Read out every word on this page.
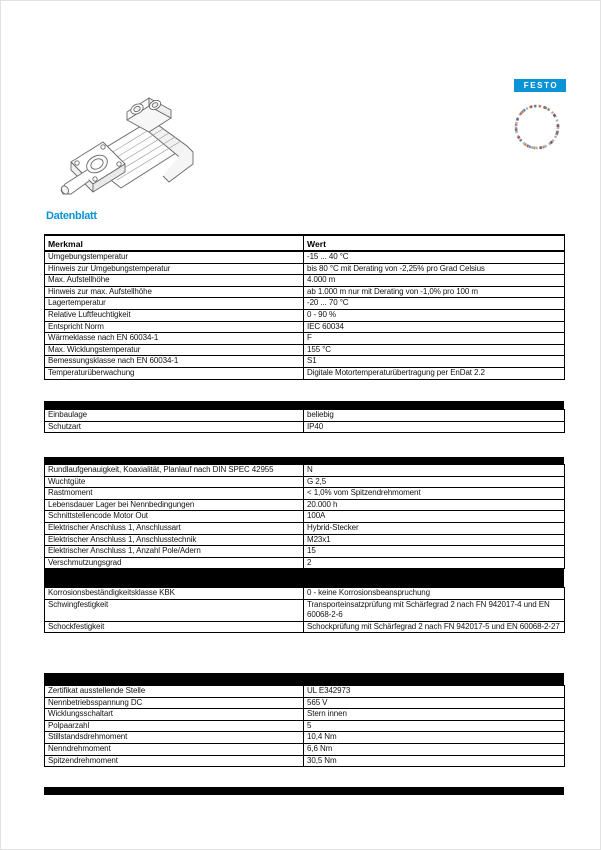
Datenblatt
FESTO
Merkmal	Wert
Umgebungstemperatur	-15 ... 40 °C
Hinweis zur Umgebungstemperatur	bis 80 °C mit Derating von -2,25% pro Grad Celsius
Max. Aufstellhöhe	4.000 m
Hinweis zur max. Aufstellhöhe	ab 1.000 m nur mit Derating von -1,0% pro 100 m
Lagertemperatur	-20 ... 70 °C
Relative Luftfeuchtigkeit	0 - 90 %
Entspricht Norm	IEC 60034
Wärmeklasse nach EN 60034-1	F
Max. Wicklungstemperatur	155 °C
Bemessungsklasse nach EN 60034-1	S1
Temperaturüberwachung	Digitale Motortemperaturübertragung per EnDat 2.2
Einbaulage	beliebig
Schutzart	IP40
Rundlaufgenauigkeit, Koaxialität, Planlauf nach DIN SPEC 42955	N
Wuchtgüte	G 2,5
Rastmoment	< 1,0% vom Spitzendrehmoment
Lebensdauer Lager bei Nennbedingungen	20.000 h
Schnittstellencode Motor Out	100A
Elektrischer Anschluss 1, Anschlussart	Hybrid-Stecker
Elektrischer Anschluss 1, Anschlusstechnik	M23x1
Elektrischer Anschluss 1, Anzahl Pole/Adern	15
Verschmutzungsgrad	2
Korrosionsbeständigkeitsklasse KBK	0 - keine Korrosionsbeanspruchung
Schwingfestigkeit	Transporteinsatzprüfung mit Schärfegrad 2 nach FN 942017-4 und EN 60068-2-6
Schockfestigkeit	Schockprüfung mit Schärfegrad 2 nach FN 942017-5 und EN 60068-2-27
Zertifikat ausstellende Stelle	UL E342973
Nennbetriebsspannung DC	565 V
Wicklungsschaltart	Stern innen
Polpaarzahl	5
Stillstandsdrehmoment	10,4 Nm
Nenndrehmoment	6,6 Nm
Spitzendrehmoment	30,5 Nm
